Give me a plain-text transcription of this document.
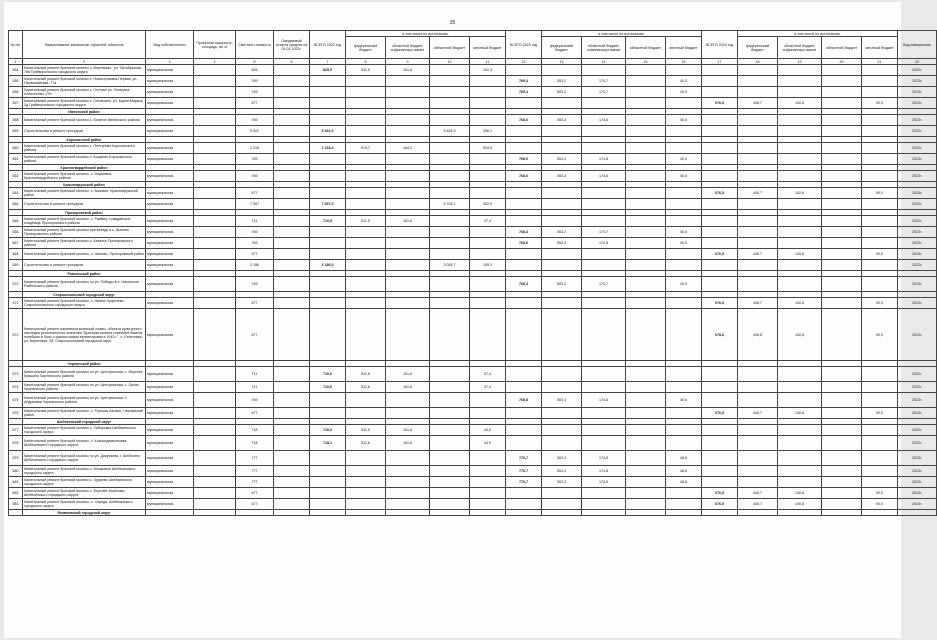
35
№ п/п	Наименование заказчиков, отраслей, объектов	Вид собственности	Проектная мощность, площадь, кв. м	Сметная стоимость	Ожидаемый остаток средств на 01.01.2022г.	ВСЕГО 2022 год	в том числе по источникам:				ВСЕГО 2023 год	в том числе по источникам:				ВСЕГО 2024 год	в том числе по источникам:				Вид завершения
							федеральный бюджет	областной бюджет, софинансиро-вание	областной бюджет	местный бюджет		федеральный бюджет	областной бюджет, софинансиро-вание	областной бюджет	местный бюджет		федеральный бюджет	областной бюджет, софинансиро-вание	областной бюджет	местный бюджет	
1	2	3	4	5	6	7	8	9	10	11	12	13	14	15	16	17	18	19	20	21	22
654	Капитальный ремонт братской могилы с. Верхнеказ., ул. Октябрьская, 76в Грайворонского городского округа	муниципальная		826		825,5	511,5	161,6		152,4											2022г.
655	Капитальный ремонт братской могилы с. Новостроевка-Первая, ул. Первомайская, 77а	муниципальная		769							769,4	553,2	174,7		40,5						2023г.
656	Капитальный ремонт братской могилы с. Глотово ул. Генерала Алексеенко, 27а	муниципальная		769							769,4	553,2	174,7		40,5						2023г.
657	Капитальный ремонт братской могилы с. Головчино, ул. Карла Маркса, 2д Грайворонского городского округа	муниципальная		677												676,5	445,7	140,8		90,0	2024г.
	Ивнянский район																				
658	Капитальный ремонт братской могилы с. Богатое Ивнянского района	муниципальная		769							768,6	553,3	174,8		40,5						2023г.
659	Строительство и ремонт тротуаров	муниципальная		5 922		5 921,0			5 624,9	296,1											2022г.
	Корочанский район																				
660	Капитальный ремонт братской могилы с. Пестуново Корочанского района	муниципальная		1 218		1 218,4	519,7	164,2		534,5											2022г.
661	Капитальный ремонт братской могилы с. Кощеево Корочанского района	муниципальная		769							768,6	553,3	174,8		40,5						2023г.
	Красногвардейский район																				
662	Капитальный ремонт братской могилы, с. Марьевка, Красногвардейского района	муниципальная		769							768,6	553,3	174,8		40,5						2023г.
	Краснояружский район																				
663	Капитальный ремонт братской могилы, с. Вязовое, Краснояружский район	муниципальная		677												676,5	445,7	140,8		90,0	2024г.
664	Строительство и ремонт тротуаров	муниципальная		7 057		7 057,0			6 704,1	352,9											2022г.
	Прохоровский район																				
665	Капитальный ремонт братской могилы, с. Ржавец, гражданское кладбище Прохоровского района	муниципальная		711		710,5	511,5	161,6		37,4											2022г.
666	Капитальный ремонт братской могилы при въезде в с. Шахово Прохоровского района	муниципальная		769							768,4	553,2	174,7		40,5						2023г.
667	Капитальный ремонт братской могилы с. Казачье Прохоровского района	муниципальная		769							768,6	553,3	174,8		40,5						2023г.
668	Капитальный ремонт братской могилы, с. Шахово, Прохоровский район	муниципальная		677												676,5	445,7	140,8		90,0	2024г.
669	Строительство и ремонт тротуаров	муниципальная		3 186		3 186,0			3 026,7	159,3											2022г.
	Ровеньский район																				
670	Капитальный ремонт братской могилы по ул. Победы в с. Нагольное Ровеньского района	муниципальная		769							768,4	553,2	174,7		40,5						2023г.
	Старооскольский городской округ																				
671	Капитальный ремонт братской могилы, с. Нижне-Чуфичево, Старооскольского городского округа	муниципальная		677												676,5	445,7	140,8		90,0	2024г.
672	Капитальный ремонт памятника воинской славы, объекта культурного наследия регионального значения "Братская могила советских воинов, погибших в боях с фашистскими захватчиками в 1943 г.", с. Езлатовка, ул. Береговая, 28, Старооскольский городской округ	муниципальная		677												678,8	445,8	140,8		90,0	2024г.
	Чернянский район																				
673	Капитальный ремонт братской могилы по ул. Центральная, с. Верхнее Кузькино Чернянского района	муниципальная		711		710,6	511,6	161,6		37,4											2022г.
674	Капитальный ремонт братской могилы по ул. Центральная, с. Орлик Чернянского района	муниципальная		711		710,6	511,6	161,6		37,4											2022г.
675	Капитальный ремонт братской могилы по ул. Центральная, с. Андреевка Чернянского района	муниципальная		769							768,8	553,4	174,8		40,6						2023г.
676	Капитальный ремонт братской могилы, с. Русская Халань, Чернянский район	муниципальная		677												676,5	445,7	140,8		90,0	2024г.
	Шебекинский городской округ																				
677	Капитальный ремонт братской могилы с. Зиборовка Шебекинского городского округа	муниципальная		718		718,0	511,5	161,6		44,9											2022г.
678	Капитальный ремонт братской могилы, с. Козьмодемьяновка Шебекинского городского округа	муниципальная		718		718,1	511,6	161,6		44,9											2022г.
679	Капитальный ремонт братской могилы по ул. Докучаева, г. Шебекино Шебекинского городского округа	муниципальная		777							776,7	553,3	174,8		48,6						2023г.
680	Капитальный ремонт братской могилы с. Мешковое Шебекинского городского округа	муниципальная		777							776,7	553,3	174,8		48,6						2023г.
681	Капитальный ремонт братской могилы с. Чураево Шебекинского городского округа	муниципальная		777							776,7	553,3	174,8		48,6						2023г.
682	Капитальный ремонт братской могилы с. Верхнее Берёзово, Шебекинского городского округа	муниципальная		677												676,5	445,7	140,8		90,0	2024г.
683	Капитальный ремонт братской могилы, с. Середа, Шебекинского городского округа	муниципальная		677												676,5	445,7	140,8		90,0	2024г.
	Яковлевский городской округ																				
